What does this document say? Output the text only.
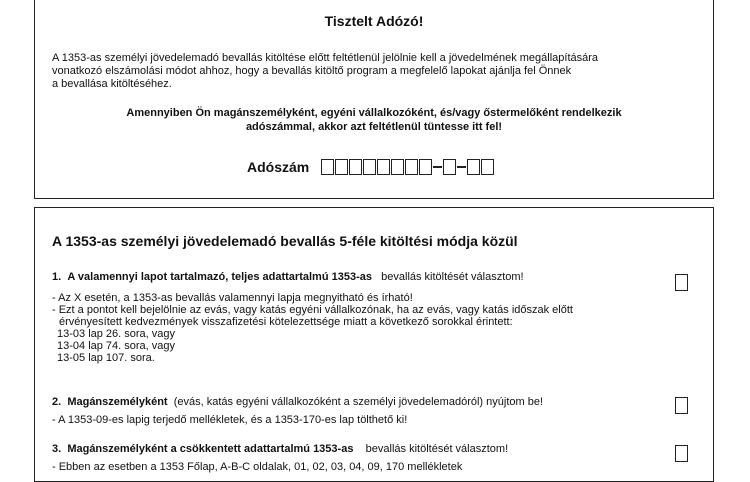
Tisztelt Adózó!
A 1353-as személyi jövedelemadó bevallás kitöltése előtt feltétlenül jelölnie kell a jövedelmének megállapítására
vonatkozó elszámolási módot ahhoz, hogy a bevallás kitöltő program a megfelelő lapokat ajánlja fel Önnek
a bevallása kitöltéséhez.
Amennyiben Ön magánszemélyként, egyéni vállalkozóként, és/vagy őstermelőként rendelkezik
adószámmal, akkor azt feltétlenül tüntesse itt fel!
Adószám
A 1353-as személyi jövedelemadó bevallás 5-féle kitöltési módja közül
1. A valamennyi lapot tartalmazó, teljes adattartalmú 1353-as bevallás kitöltését választom!
- Az X esetén, a 1353-as bevallás valamennyi lapja megnyitható és írható!
- Ezt a pontot kell bejelölnie az evás, vagy katás egyéni vállalkozónak, ha az evás, vagy katás időszak előtt
érvényesített kedvezmények visszafizetési kötelezettsége miatt a következő sorokkal érintett:
13-03 lap 26. sora, vagy
13-04 lap 74. sora, vagy
13-05 lap 107. sora.
2. Magánszemélyként (evás, katás egyéni vállalkozóként a személyi jövedelemadóról) nyújtom be!
- A 1353-09-es lapig terjedő mellékletek, és a 1353-170-es lap tölthető ki!
3. Magánszemélyként a csökkentett adattartalmú 1353-as bevallás kitöltését választom!
- Ebben az esetben a 1353 Főlap, A-B-C oldalak, 01, 02, 03, 04, 09, 170 mellékletek
